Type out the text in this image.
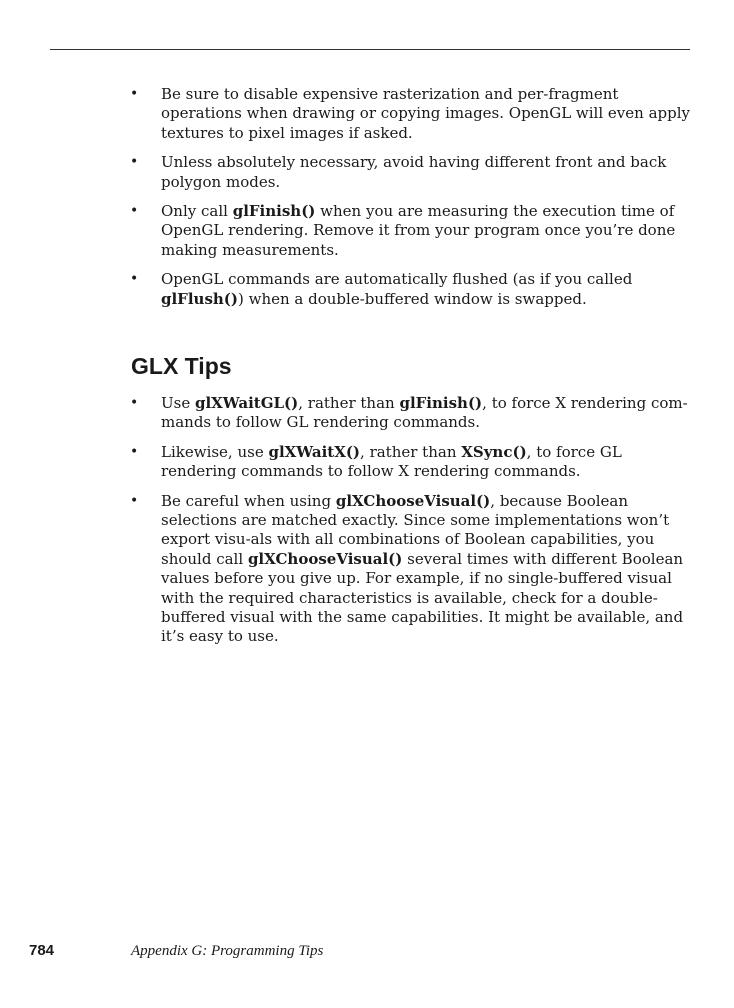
• Be sure to disable expensive rasterization and per-fragment operations when drawing or copying images. OpenGL will even apply textures to pixel images if asked.
• Unless absolutely necessary, avoid having different front and back polygon modes.
• Only call glFinish() when you are measuring the execution time of OpenGL rendering. Remove it from your program once you’re done making measurements.
• OpenGL commands are automatically flushed (as if you called glFlush()) when a double-buffered window is swapped.
GLX Tips
• Use glXWaitGL(), rather than glFinish(), to force X rendering com-mands to follow GL rendering commands.
• Likewise, use glXWaitX(), rather than XSync(), to force GL rendering commands to follow X rendering commands.
• Be careful when using glXChooseVisual(), because Boolean selections are matched exactly. Since some implementations won’t export visu-als with all combinations of Boolean capabilities, you should call glXChooseVisual() several times with different Boolean values before you give up. For example, if no single-buffered visual with the required characteristics is available, check for a double-buffered visual with the same capabilities. It might be available, and it’s easy to use.
784	Appendix G: Programming Tips
